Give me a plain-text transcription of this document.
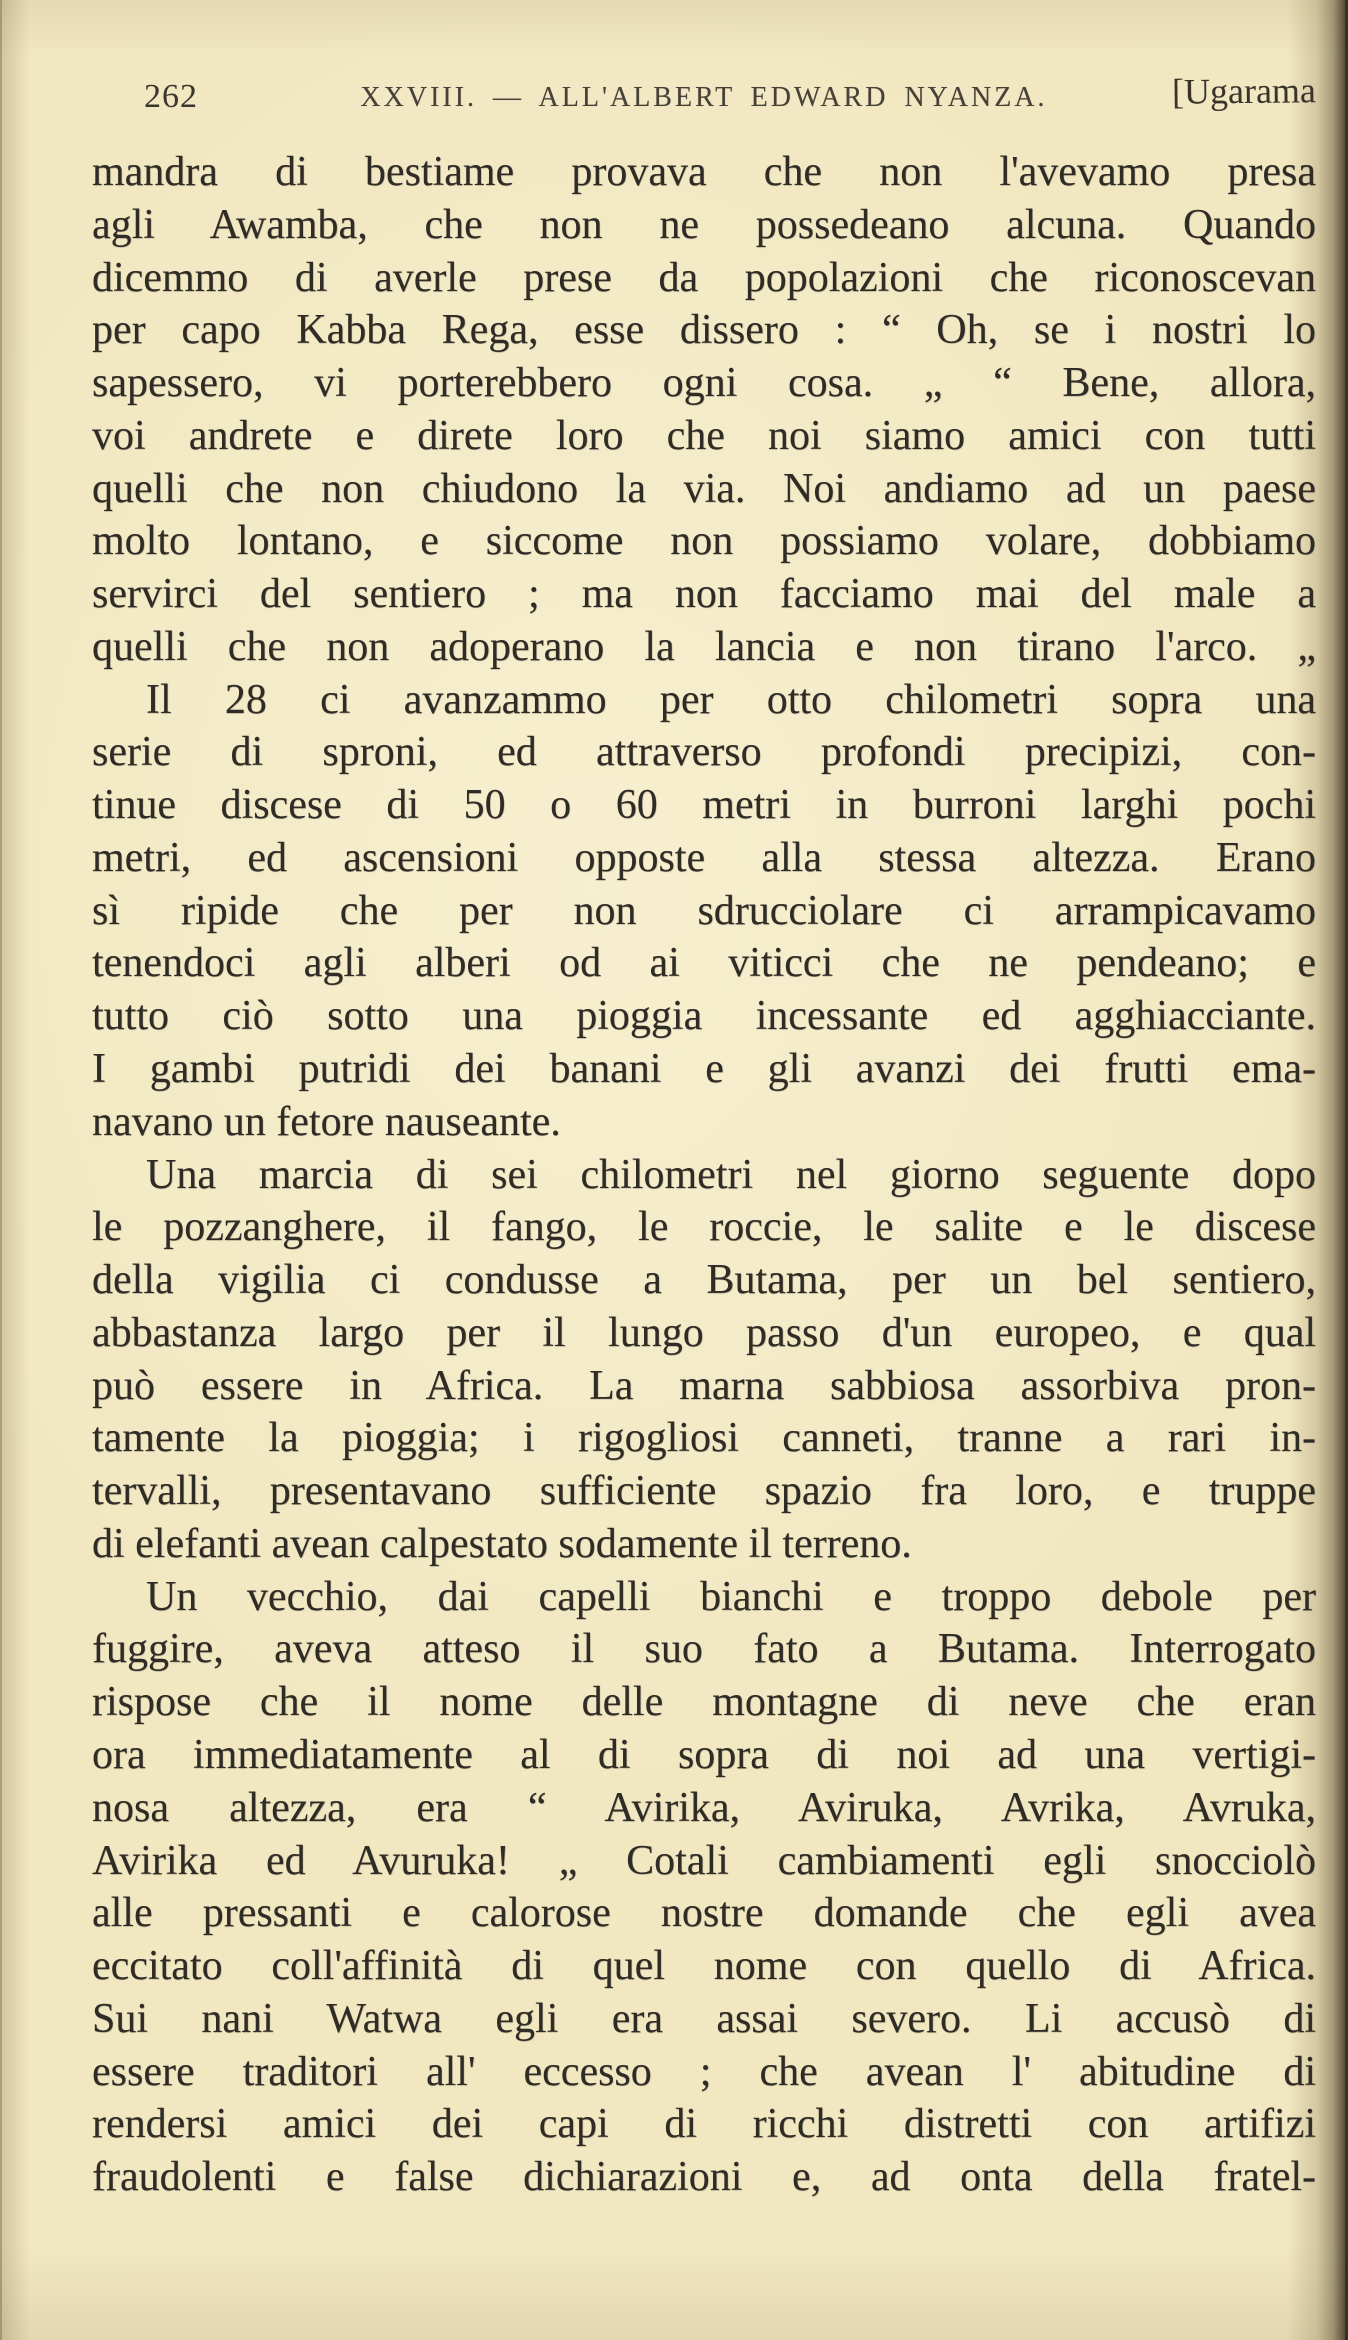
262	XXVIII. — ALL'ALBERT EDWARD NYANZA.	[Ugarama
mandra di bestiame provava che non l'avevamo presa
agli Awamba, che non ne possedeano alcuna. Quando
dicemmo di averle prese da popolazioni che riconoscevan
per capo Kabba Rega, esse dissero : “ Oh, se i nostri lo
sapessero, vi porterebbero ogni cosa. „ “ Bene, allora,
voi andrete e direte loro che noi siamo amici con tutti
quelli che non chiudono la via. Noi andiamo ad un paese
molto lontano, e siccome non possiamo volare, dobbiamo
servirci del sentiero ; ma non facciamo mai del male a
quelli che non adoperano la lancia e non tirano l'arco. „
Il 28 ci avanzammo per otto chilometri sopra una
serie di sproni, ed attraverso profondi precipizi, con-
tinue discese di 50 o 60 metri in burroni larghi pochi
metri, ed ascensioni opposte alla stessa altezza. Erano
sì ripide che per non sdrucciolare ci arrampicavamo
tenendoci agli alberi od ai viticci che ne pendeano; e
tutto ciò sotto una pioggia incessante ed agghiacciante.
I gambi putridi dei banani e gli avanzi dei frutti ema-
navano un fetore nauseante.
Una marcia di sei chilometri nel giorno seguente dopo
le pozzanghere, il fango, le roccie, le salite e le discese
della vigilia ci condusse a Butama, per un bel sentiero,
abbastanza largo per il lungo passo d'un europeo, e qual
può essere in Africa. La marna sabbiosa assorbiva pron-
tamente la pioggia; i rigogliosi canneti, tranne a rari in-
tervalli, presentavano sufficiente spazio fra loro, e truppe
di elefanti avean calpestato sodamente il terreno.
Un vecchio, dai capelli bianchi e troppo debole per
fuggire, aveva atteso il suo fato a Butama. Interrogato
rispose che il nome delle montagne di neve che eran
ora immediatamente al di sopra di noi ad una vertigi-
nosa altezza, era “ Avirika, Aviruka, Avrika, Avruka,
Avirika ed Avuruka! „ Cotali cambiamenti egli snocciolò
alle pressanti e calorose nostre domande che egli avea
eccitato coll'affinità di quel nome con quello di Africa.
Sui nani Watwa egli era assai severo. Li accusò di
essere traditori all' eccesso ; che avean l' abitudine di
rendersi amici dei capi di ricchi distretti con artifizi
fraudolenti e false dichiarazioni e, ad onta della fratel-
